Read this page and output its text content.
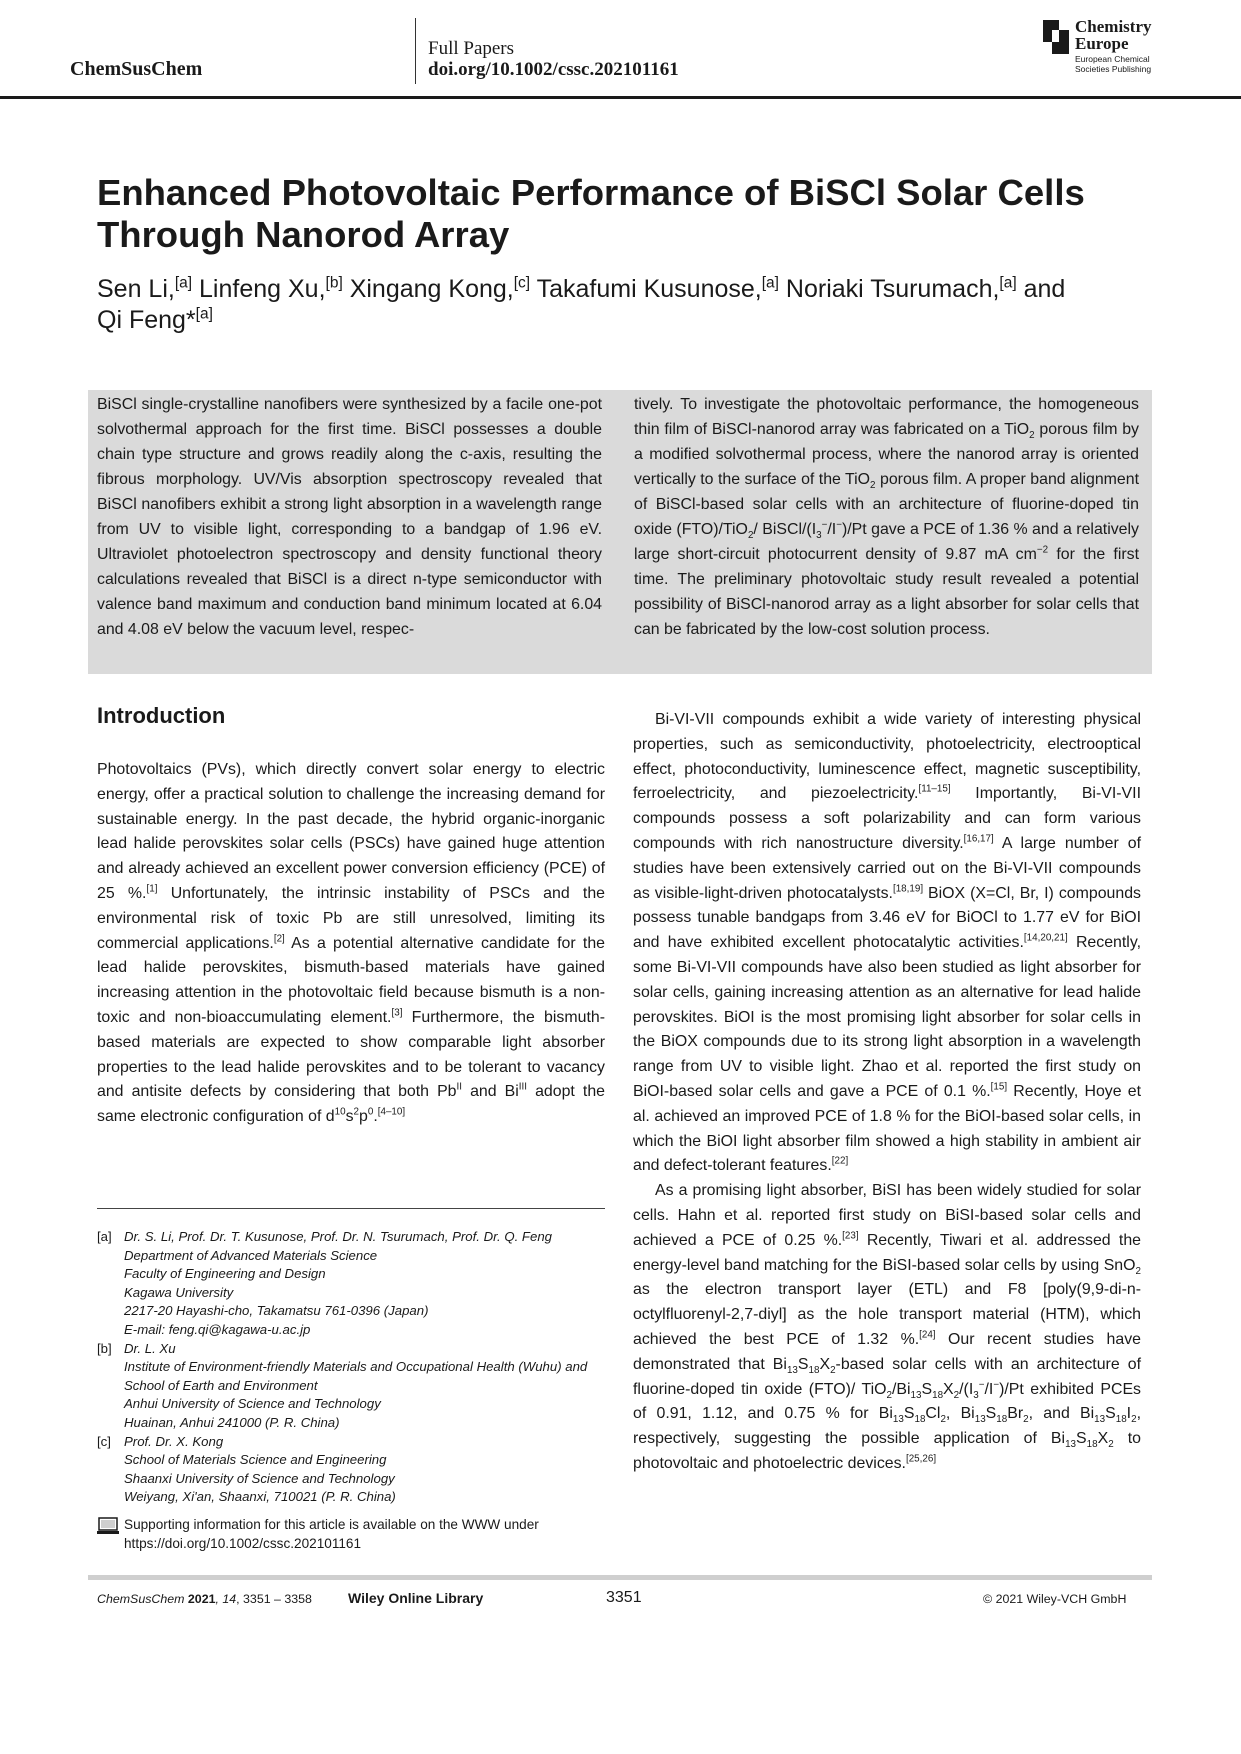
ChemSusChem
Full Papers
doi.org/10.1002/cssc.202101161
Chemistry
Europe
European Chemical
Societies Publishing
Enhanced Photovoltaic Performance of BiSCl Solar Cells
Through Nanorod Array
Sen Li,[a] Linfeng Xu,[b] Xingang Kong,[c] Takafumi Kusunose,[a] Noriaki Tsurumach,[a] and
Qi Feng*[a]
BiSCl single-crystalline nanofibers were synthesized by a facile one-pot solvothermal approach for the first time. BiSCl possesses a double chain type structure and grows readily along the c-axis, resulting the fibrous morphology. UV/Vis absorption spectroscopy revealed that BiSCl nanofibers exhibit a strong light absorption in a wavelength range from UV to visible light, corresponding to a bandgap of 1.96 eV. Ultraviolet photoelectron spectroscopy and density functional theory calculations revealed that BiSCl is a direct n-type semiconductor with valence band maximum and conduction band minimum located at 6.04 and 4.08 eV below the vacuum level, respec-
tively. To investigate the photovoltaic performance, the homogeneous thin film of BiSCl-nanorod array was fabricated on a TiO$_2$ porous film by a modified solvothermal process, where the nanorod array is oriented vertically to the surface of the TiO$_2$ porous film. A proper band alignment of BiSCl-based solar cells with an architecture of fluorine-doped tin oxide (FTO)/TiO$_2$/ BiSCl/$(I_3^-/I^-)/Pt$ gave a PCE of 1.36 % and a relatively large short-circuit photocurrent density of 9.87 mA $cm^{-2}$ for the first time. The preliminary photovoltaic study result revealed a potential possibility of BiSCl-nanorod array as a light absorber for solar cells that can be fabricated by the low-cost solution process.
Introduction

Photovoltaics (PVs), which directly convert solar energy to electric energy, offer a practical solution to challenge the increasing demand for sustainable energy. In the past decade, the hybrid organic-inorganic lead halide perovskites solar cells (PSCs) have gained huge attention and already achieved an excellent power conversion efficiency (PCE) of 25 %.[1] Unfortunately, the intrinsic instability of PSCs and the environmental risk of toxic Pb are still unresolved, limiting its commercial applications.[2] As a potential alternative candidate for the lead halide perovskites, bismuth-based materials have gained increasing attention in the photovoltaic field because bismuth is a non-toxic and non-bioaccumulating element.[3] Furthermore, the bismuth-based materials are expected to show comparable light absorber properties to the lead halide perovskites and to be tolerant to vacancy and antisite defects by considering that both $Pb^{II}$ and $Bi^{III}$ adopt the same electronic configuration of $d^{10}s^2p^0.[4-10]$

Bi-VI-VII compounds exhibit a wide variety of interesting physical properties, such as semiconductivity, photoelectricity, electrooptical effect, photoconductivity, luminescence effect, magnetic susceptibility, ferroelectricity, and piezoelectricity.[11–15] Importantly, Bi-VI-VII compounds possess a soft polarizability and can form various compounds with rich nanostructure diversity.[16,17] A large number of studies have been extensively carried out on the Bi-VI-VII compounds as visible-light-driven photocatalysts.[18,19] BiOX (X=Cl, Br, I) compounds possess tunable bandgaps from 3.46 eV for BiOCl to 1.77 eV for BiOI and have exhibited excellent photocatalytic activities.[14,20,21] Recently, some Bi-VI-VII compounds have also been studied as light absorber for solar cells, gaining increasing attention as an alternative for lead halide perovskites. BiOI is the most promising light absorber for solar cells in the BiOX compounds due to its strong light absorption in a wavelength range from UV to visible light. Zhao et al. reported the first study on BiOI-based solar cells and gave a PCE of 0.1 %.[15] Recently, Hoye et al. achieved an improved PCE of 1.8 % for the BiOI-based solar cells, in which the BiOI light absorber film showed a high stability in ambient air and defect-tolerant features.[22]

As a promising light absorber, BiSI has been widely studied for solar cells. Hahn et al. reported first study on BiSI-based solar cells and achieved a PCE of 0.25 %.[23] Recently, Tiwari et al. addressed the energy-level band matching for the BiSI-based solar cells by using SnO$_2$ as the electron transport layer (ETL) and F8 [poly(9,9-di-n-octylfluorenyl-2,7-diyl] as the hole transport material (HTM), which achieved the best PCE of 1.32 %.[24] Our recent studies have demonstrated that $Bi_{13}S_{18}X_2$-based solar cells with an architecture of fluorine-doped tin oxide (FTO)/ $TiO_2/Bi_{13}S_{18}X_2/(I_3^-/I^-)/Pt$ exhibited PCEs of 0.91, 1.12, and 0.75 % for $Bi_{13}S_{18}Cl_2$, $Bi_{13}S_{18}Br_2$, and $Bi_{13}S_{18}I_2$, respectively, suggesting the possible application of $Bi_{13}S_{18}X_2$ to photovoltaic and photoelectric devices.[25,26]

[a] Dr. S. Li, Prof. Dr. T. Kusunose, Prof. Dr. N. Tsurumach, Prof. Dr. Q. Feng
Department of Advanced Materials Science
Faculty of Engineering and Design
Kagawa University
2217-20 Hayashi-cho, Takamatsu 761-0396 (Japan)
E-mail: feng.qi@kagawa-u.ac.jp
[b] Dr. L. Xu
Institute of Environment-friendly Materials and Occupational Health (Wuhu) and School of Earth and Environment
Anhui University of Science and Technology
Huainan, Anhui 241000 (P. R. China)
[c] Prof. Dr. X. Kong
School of Materials Science and Engineering
Shaanxi University of Science and Technology
Weiyang, Xi'an, Shaanxi, 710021 (P. R. China)
Supporting information for this article is available on the WWW under https://doi.org/10.1002/cssc.202101161
ChemSusChem 2021, 14, 3351 – 3358	Wiley Online Library	3351	© 2021 Wiley-VCH GmbH
